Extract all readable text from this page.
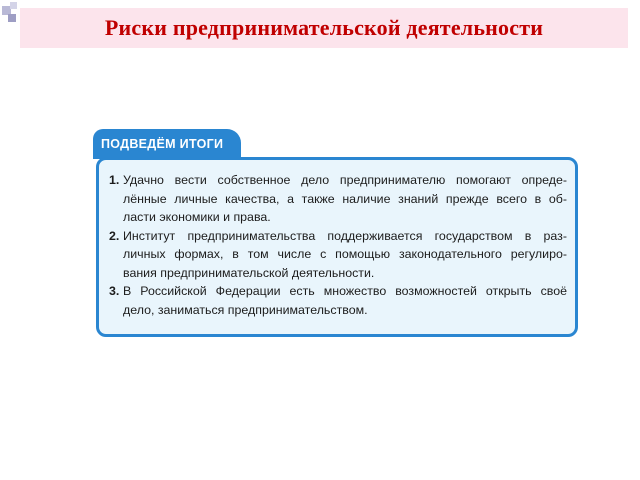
Риски предпринимательской деятельности
ПОДВЕДЁМ ИТОГИ
1. Удачно вести собственное дело предпринимателю помогают опреде-
лённые личные качества, а также наличие знаний прежде всего в об-
ласти экономики и права.
2. Институт предпринимательства поддерживается государством в раз-
личных формах, в том числе с помощью законодательного регулиро-
вания предпринимательской деятельности.
3. В Российской Федерации есть множество возможностей открыть своё
дело, заниматься предпринимательством.
